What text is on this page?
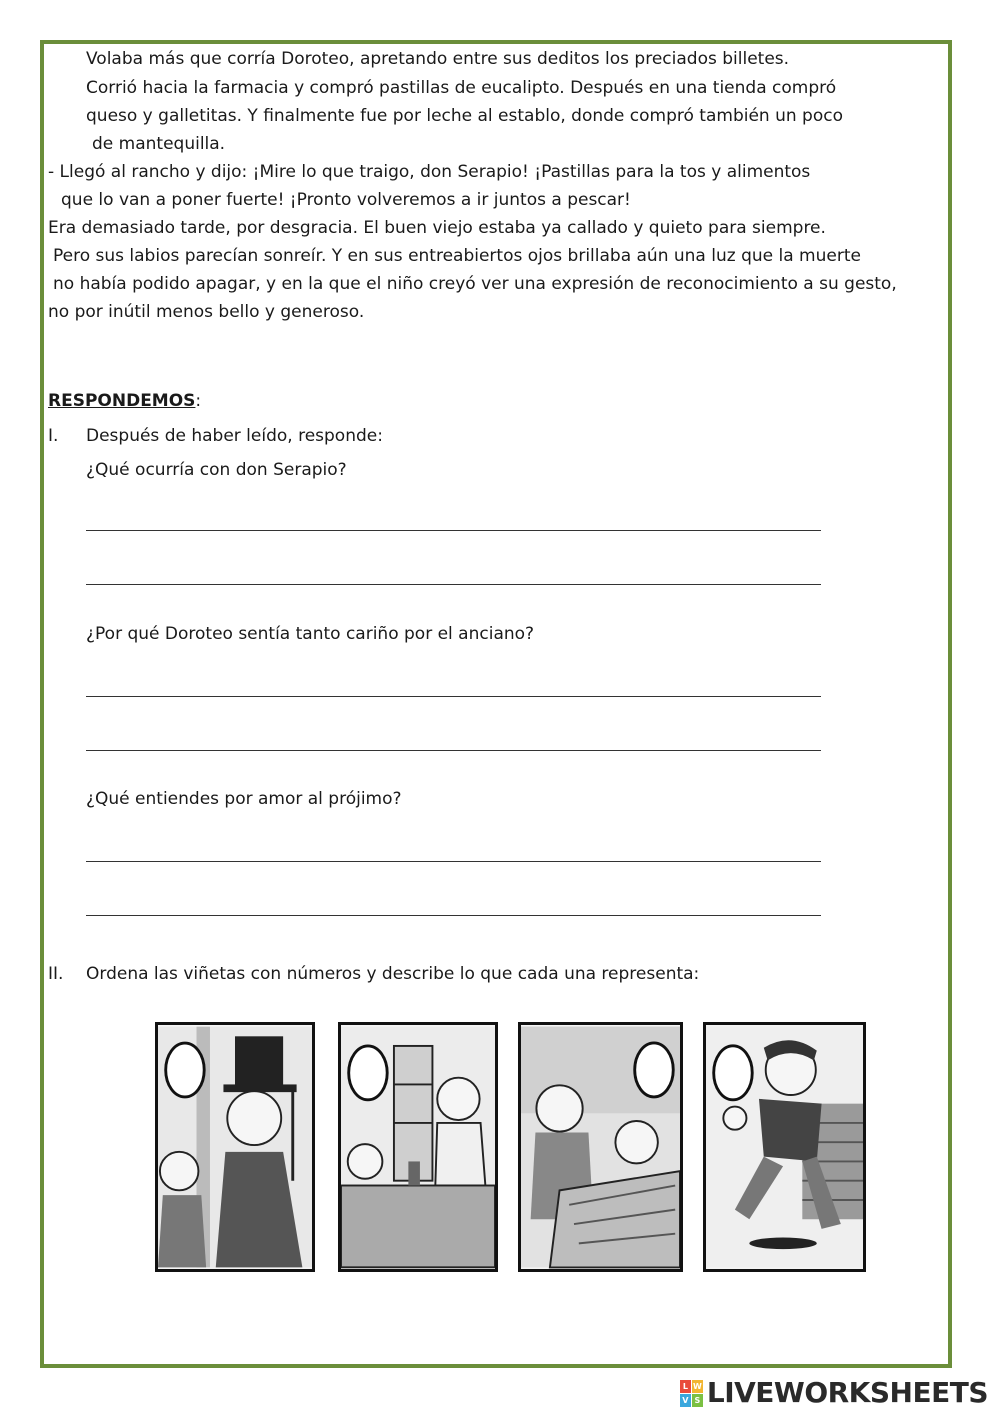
Volaba más que corría Doroteo, apretando entre sus deditos los preciados billetes.
Corrió hacia la farmacia y compró pastillas de eucalipto. Después en una tienda compró
queso y galletitas. Y finalmente fue por leche al establo, donde compró también un poco
de mantequilla.
- Llegó al rancho y dijo: ¡Mire lo que traigo, don Serapio! ¡Pastillas para la tos y alimentos
que lo van a poner fuerte! ¡Pronto volveremos a ir juntos a pescar!
Era demasiado tarde, por desgracia. El buen viejo estaba ya callado y quieto para siempre.
Pero sus labios parecían sonreír. Y en sus entreabiertos ojos brillaba aún una luz que la muerte
no había podido apagar, y en la que el niño creyó ver una expresión de reconocimiento a su gesto,
no por inútil menos bello y generoso.
RESPONDEMOS:
I. Después de haber leído, responde:
¿Qué ocurría con don Serapio?
¿Por qué Doroteo sentía tanto cariño por el anciano?
¿Qué entiendes por amor al prójimo?
II. Ordena las viñetas con números y describe lo que cada una representa:
L W
V S LIVEWORKSHEETS
